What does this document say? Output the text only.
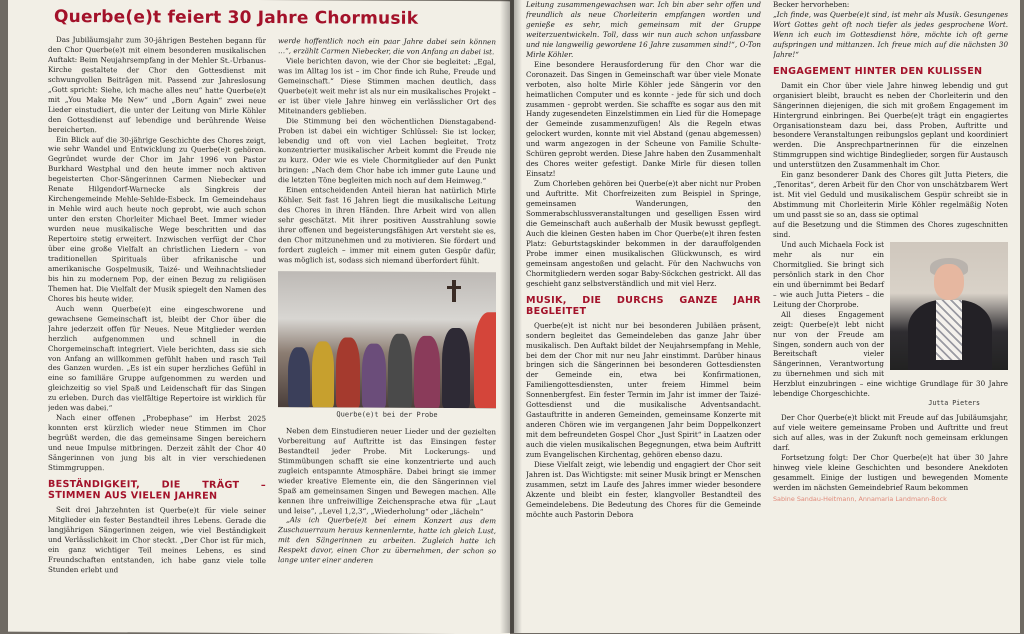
Querbe(e)t feiert 30 Jahre Chormusik

Das Jubiläumsjahr zum 30-jährigen Bestehen begann für den Chor Querbe(e)t mit einem besonderen musikalischen Auftakt: Beim Neujahrsempfang in der Mehler St.-Urbanus-Kirche gestaltete der Chor den Gottesdienst mit schwungvollen Beiträgen mit. Passend zur Jahreslosung „Gott spricht: Siehe, ich mache alles neu“ hatte Querbe(e)t mit „You Make Me New“ und „Born Again“ zwei neue Lieder einstudiert, die unter der Leitung von Mirle Köhler den Gottesdienst auf lebendige und berührende Weise bereicherten.

Ein Blick auf die 30-jährige Geschichte des Chores zeigt, wie sehr Wandel und Entwicklung zu Querbe(e)t gehören. Gegründet wurde der Chor im Jahr 1996 von Pastor Burkhard Westphal und den heute immer noch aktiven begeisterten Chor-Sängerinnen Carmen Niebecker und Renate Hilgendorf-Warnecke als Singkreis der Kirchengemeinde Mehle-Sehlde-Esbeck. Im Gemeindehaus in Mehle wird auch heute noch geprobt, wie auch schon unter den ersten Chorleiter Michael Beet. Immer wieder wurden neue musikalische Wege beschritten und das Repertoire stetig erweitert. Inzwischen verfügt der Chor über eine große Vielfalt an christlichen Liedern – von traditionellen Spirituals über afrikanische und amerikanische Gospelmusik, Taizé- und Weihnachtslieder bis hin zu modernem Pop, der einen Bezug zu religiösen Themen hat. Die Vielfalt der Musik spiegelt den Namen des Chores bis heute wider.

Auch wenn Querbe(e)t eine eingeschworene und gewachsene Gemeinschaft ist, bleibt der Chor über die Jahre jederzeit offen für Neues. Neue Mitglieder werden herzlich aufgenommen und schnell in die Chorgemeinschaft integriert. Viele berichten, dass sie sich von Anfang an willkommen gefühlt haben und rasch Teil des Ganzen wurden. „Es ist ein super herzliches Gefühl in eine so familiäre Gruppe aufgenommen zu werden und gleichzeitig so viel Spaß und Leidenschaft für das Singen zu erleben. Durch das vielfältige Repertoire ist wirklich für jeden was dabei.“

Nach einer offenen „Probephase“ im Herbst 2025 konnten erst kürzlich wieder neue Stimmen im Chor begrüßt werden, die das gemeinsame Singen bereichern und neue Impulse mitbringen. Derzeit zählt der Chor 40 Sängerinnen von jung bis alt in vier verschiedenen Stimmgruppen.

BESTÄNDIGKEIT, DIE TRÄGT – STIMMEN AUS VIELEN JAHREN

Seit drei Jahrzehnten ist Querbe(e)t für viele seiner Mitglieder ein fester Bestandteil ihres Lebens. Gerade die langjährigen Sängerinnen zeigen, wie viel Beständigkeit und Verlässlichkeit im Chor steckt. „Der Chor ist für mich, ein ganz wichtiger Teil meines Lebens, es sind Freundschaften entstanden, ich habe ganz viele tolle Stunden erlebt und

werde hoffentlich noch ein paar Jahre dabei sein können …“, erzählt Carmen Niebecker, die von Anfang an dabei ist.

Viele berichten davon, wie der Chor sie begleitet: „Egal, was im Alltag los ist – im Chor finde ich Ruhe, Freude und Gemeinschaft.“ Diese Stimmen machen deutlich, dass Querbe(e)t weit mehr ist als nur ein musikalisches Projekt – er ist über viele Jahre hinweg ein verlässlicher Ort des Miteinanders geblieben.

Die Stimmung bei den wöchentlichen Dienstagabend-Proben ist dabei ein wichtiger Schlüssel: Sie ist locker, lebendig und oft von viel Lachen begleitet. Trotz konzentrierter musikalischer Arbeit kommt die Freude nie zu kurz. Oder wie es viele Chormitglieder auf den Punkt bringen: „Nach dem Chor habe ich immer gute Laune und die letzten Töne begleiten mich noch auf dem Heimweg.“

Einen entscheidenden Anteil hieran hat natürlich Mirle Köhler. Seit fast 16 Jahren liegt die musikalische Leitung des Chores in ihren Händen. Ihre Arbeit wird von allen sehr geschätzt. Mit ihrer positiven Ausstrahlung sowie ihrer offenen und begeisterungsfähigen Art versteht sie es, den Chor mitzunehmen und zu motivieren. Sie fördert und fordert zugleich – immer mit einem guten Gespür dafür, was möglich ist, sodass sich niemand überfordert fühlt.

Querbe(e)t bei der Probe

Neben dem Einstudieren neuer Lieder und der gezielten Vorbereitung auf Auftritte ist das Einsingen fester Bestandteil jeder Probe. Mit Lockerungs- und Stimmübungen schafft sie eine konzentrierte und auch zugleich entspannte Atmosphäre. Dabei bringt sie immer wieder kreative Elemente ein, die den Sängerinnen viel Spaß am gemeinsamen Singen und Bewegen machen. Alle kennen ihre unfreiwillige Zeichensprache etwa für „Laut und leise“, „Level 1,2,3“, „Wiederholung“ oder „lächeln“

„Als ich Querbe(e)t bei einem Konzert aus dem Zuschauerraum heraus kennenlernte, hatte ich gleich Lust, mit den Sängerinnen zu arbeiten. Zugleich hatte ich Respekt davor, einen Chor zu übernehmen, der schon so lange unter einer anderen

Leitung zusammengewachsen war. Ich bin aber sehr offen und freundlich als neue Chorleiterin empfangen worden und genieße es sehr, mich gemeinsam mit der Gruppe weiterzuentwickeln. Toll, dass wir nun auch schon unfassbare und nie langweilig gewordene 16 Jahre zusammen sind!“, O-Ton Mirle Köhler.

Eine besondere Herausforderung für den Chor war die Coronazeit. Das Singen in Gemeinschaft war über viele Monate verboten, also holte Mirle Köhler jede Sängerin vor den heimatlichen Computer und es konnte - jede für sich und doch zusammen - geprobt werden. Sie schaffte es sogar aus den mit Handy zugesendeten Einzelstimmen ein Lied für die Homepage der Gemeinde zusammenzufügen! Als die Regeln etwas gelockert wurden, konnte mit viel Abstand (genau abgemessen) und warm angezogen in der Scheune von Familie Schulte-Schüren geprobt werden. Diese Jahre haben den Zusammenhalt des Chores weiter gefestigt. Danke Mirle für diesen tollen Einsatz!

Zum Chorleben gehören bei Querbe(e)t aber nicht nur Proben und Auftritte. Mit Chorfreizeiten zum Beispiel in Springe, gemeinsamen Wanderungen, den Sommerabschlussveranstaltungen und geselligen Essen wird die Gemeinschaft auch außerhalb der Musik bewusst gepflegt. Auch die kleinen Gesten haben im Chor Querbe(e)t ihren festen Platz: Geburtstagskinder bekommen in der darauffolgenden Probe immer einen musikalischen Glückwunsch, es wird gemeinsam angestoßen und gelacht. Für den Nachwuchs von Chormitgliedern werden sogar Baby-Söckchen gestrickt. All das geschieht ganz selbstverständlich und mit viel Herz.

MUSIK, DIE DURCHS GANZE JAHR BEGLEITET

Querbe(e)t ist nicht nur bei besonderen Jubiläen präsent, sondern begleitet das Gemeindeleben das ganze Jahr über musikalisch. Den Auftakt bildet der Neujahrsempfang in Mehle, bei dem der Chor mit nur neu Jahr einstimmt. Darüber hinaus bringen sich die Sängerinnen bei besonderen Gottesdiensten der Gemeinde ein, etwa bei Konfirmationen, Familiengottesdiensten, unter freiem Himmel beim Sonnenbergfest. Ein fester Termin im Jahr ist immer der Taizé-Gottesdienst und die musikalische Adventsandacht. Gastauftritte in anderen Gemeinden, gemeinsame Konzerte mit anderen Chören wie im vergangenen Jahr beim Doppelkonzert mit dem befreundeten Gospel Chor „Just Spirit“ in Laatzen oder auch die vielen musikalischen Begegnungen, etwa beim Auftritt zum Evangelischen Kirchentag, gehören ebenso dazu.

Diese Vielfalt zeigt, wie lebendig und engagiert der Chor seit Jahren ist. Das Wichtigste: mit seiner Musik bringt er Menschen zusammen, setzt im Laufe des Jahres immer wieder besondere Akzente und bleibt ein fester, klangvoller Bestandteil des Gemeindelebens. Die Bedeutung des Chores für die Gemeinde möchte auch Pastorin Debora

Becker hervorheben:

„Ich finde, was Querbe(e)t sind, ist mehr als Musik. Gesungenes Wort Gottes geht oft noch tiefer als jedes gesprochene Wort. Wenn ich euch im Gottesdienst höre, möchte ich oft gerne aufspringen und mittanzen. Ich freue mich auf die nächsten 30 Jahre!“

ENGAGEMENT HINTER DEN KULISSEN

Damit ein Chor über viele Jahre hinweg lebendig und gut organisiert bleibt, braucht es neben der Chorleiterin und den Sängerinnen diejenigen, die sich mit großem Engagement im Hintergrund einbringen. Bei Querbe(e)t trägt ein engagiertes Organisationsteam dazu bei, dass Proben, Auftritte und besondere Veranstaltungen reibungslos geplant und koordiniert werden. Die Ansprechpartnerinnen für die einzelnen Stimmgruppen sind wichtige Bindeglieder, sorgen für Austausch und unterstützen den Zusammenhalt im Chor.

Ein ganz besonderer Dank des Chores gilt Jutta Pieters, die „Tenoritas“, deren Arbeit für den Chor von unschätzbarem Wert ist. Mit viel Geduld und musikalischem Gespür schreibt sie in Abstimmung mit Chorleiterin Mirle Köhler regelmäßig Noten um und passt sie so an, dass sie optimal

auf die Besetzung und die Stimmen des Chores zugeschnitten sind.

Und auch Michaela Fock ist mehr als nur ein Chormitglied. Sie bringt sich persönlich stark in den Chor ein und übernimmt bei Bedarf – wie auch Jutta Pieters – die Leitung der Chorprobe.

All dieses Engagement zeigt: Querbe(e)t lebt nicht nur von der Freude am Singen, sondern auch von der Bereitschaft vieler Sängerinnen, Verantwortung zu übernehmen und sich mit Herzblut einzubringen – eine wichtige Grundlage für 30 Jahre lebendige Chorgeschichte.

Jutta Pieters

Der Chor Querbe(e)t blickt mit Freude auf das Jubiläumsjahr, auf viele weitere gemeinsame Proben und Auftritte und freut sich auf alles, was in der Zukunft noch gemeinsam erklungen darf.

Fortsetzung folgt: Der Chor Querbe(e)t hat über 30 Jahre hinweg viele kleine Geschichten und besondere Anekdoten gesammelt. Einige der lustigen und bewegenden Momente werden im nächsten Gemeindebrief Raum bekommen

Sabine Sandau-Heitmann, Annamaria Landmann-Bock
